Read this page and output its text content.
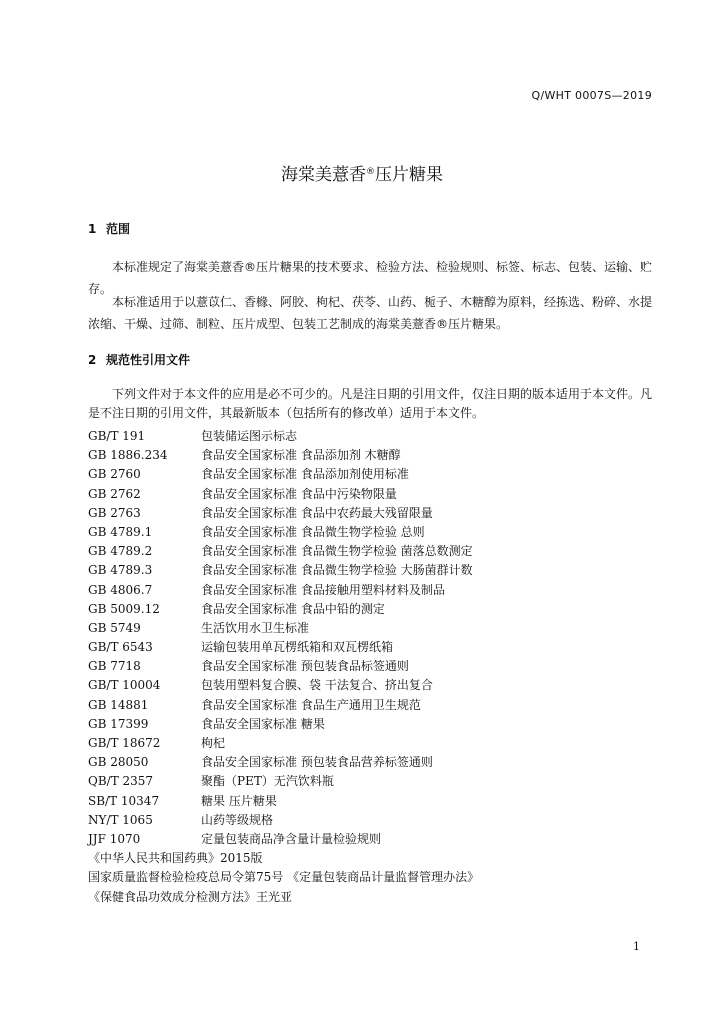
Q/WHT 0007S—2019
海棠美薏香®压片糖果
1 范围
本标准规定了海棠美薏香®压片糖果的技术要求、检验方法、检验规则、标签、标志、包装、运输、贮存。
本标准适用于以薏苡仁、香橼、阿胶、枸杞、茯苓、山药、栀子、木糖醇为原料，经拣选、粉碎、水提浓缩、干燥、过筛、制粒、压片成型、包装工艺制成的海棠美薏香®压片糖果。
2 规范性引用文件
下列文件对于本文件的应用是必不可少的。凡是注日期的引用文件，仅注日期的版本适用于本文件。凡是不注日期的引用文件，其最新版本（包括所有的修改单）适用于本文件。
GB/T 191	包装储运图示标志
GB 1886.234	食品安全国家标准 食品添加剂 木糖醇
GB 2760	食品安全国家标准 食品添加剂使用标准
GB 2762	食品安全国家标准 食品中污染物限量
GB 2763	食品安全国家标准 食品中农药最大残留限量
GB 4789.1	食品安全国家标准 食品微生物学检验 总则
GB 4789.2	食品安全国家标准 食品微生物学检验 菌落总数测定
GB 4789.3	食品安全国家标准 食品微生物学检验 大肠菌群计数
GB 4806.7	食品安全国家标准 食品接触用塑料材料及制品
GB 5009.12	食品安全国家标准 食品中铅的测定
GB 5749	生活饮用水卫生标准
GB/T 6543	运输包装用单瓦楞纸箱和双瓦楞纸箱
GB 7718	食品安全国家标准 预包装食品标签通则
GB/T 10004	包装用塑料复合膜、袋 干法复合、挤出复合
GB 14881	食品安全国家标准 食品生产通用卫生规范
GB 17399	食品安全国家标准 糖果
GB/T 18672	枸杞
GB 28050	食品安全国家标准 预包装食品营养标签通则
QB/T 2357	聚酯（PET）无汽饮料瓶
SB/T 10347	糖果 压片糖果
NY/T 1065	山药等级规格
JJF 1070	定量包装商品净含量计量检验规则
《中华人民共和国药典》2015版
国家质量监督检验检疫总局令第75号 《定量包装商品计量监督管理办法》
《保健食品功效成分检测方法》王光亚
1
